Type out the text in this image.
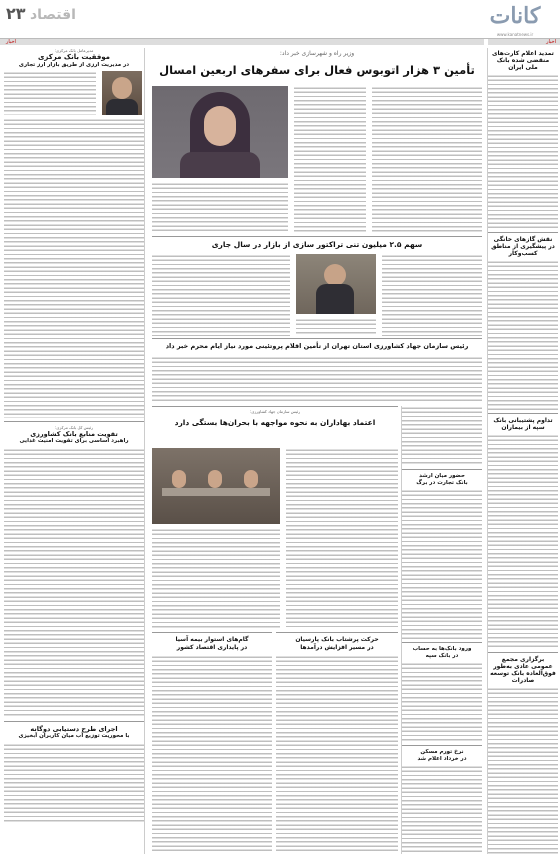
کانات
www.kanatnews.ir
اقتصاد
۲۳
اخبار
اخبار
تمدید اعلام کارت‌های منقضی شده بانک ملی ایران
نقش گازهای خانگی در پیشگیری از مناطق کسب‌وکار
تداوم پشتیبانی بانک سپه از بیماران
برگزاری مجمع عمومی عادی به‌طور فوق‌العاده بانک توسعه صادرات
وزیر راه و شهرسازی خبر داد:
تأمین ۳ هزار اتوبوس فعال برای سفرهای اربعین امسال
مدیرعامل بانک مرکزی:
موفقیت بانک مرکزی
در مدیریت ارزی از طریق بازار ارز تجاری
رئیس کل بانک مرکزی:
تقویت منابع بانک کشاورزی
راهبرد اساسی برای تقویت امنیت غذایی
اجرای طرح دستیابی دوگانه
با محوریت توزیع آب میان کاربران آبخیزی
سهم ۲.۵ میلیون تنی تراکتور سازی از بازار در سال جاری
رئیس سازمان جهاد کشاورزی استان تهران از تأمین اقلام پروتئینی مورد نیاز ایام محرم خبر داد
حضور میان ارشد
بانک تجارت در برگ
ورود بانک‌ها به حساب
در بانک سپه
نرخ تورم مسکن
در خرداد اعلام شد
رئیس سازمان جهاد کشاورزی:
اعتماد بهاداران به نحوه مواجهه با بحران‌ها بستگی دارد
حرکت پرشتاب بانک پارسیان
در مسیر افزایش درآمدها
گام‌های استوار بیمه آسیا
در پایداری اقتصاد کشور
